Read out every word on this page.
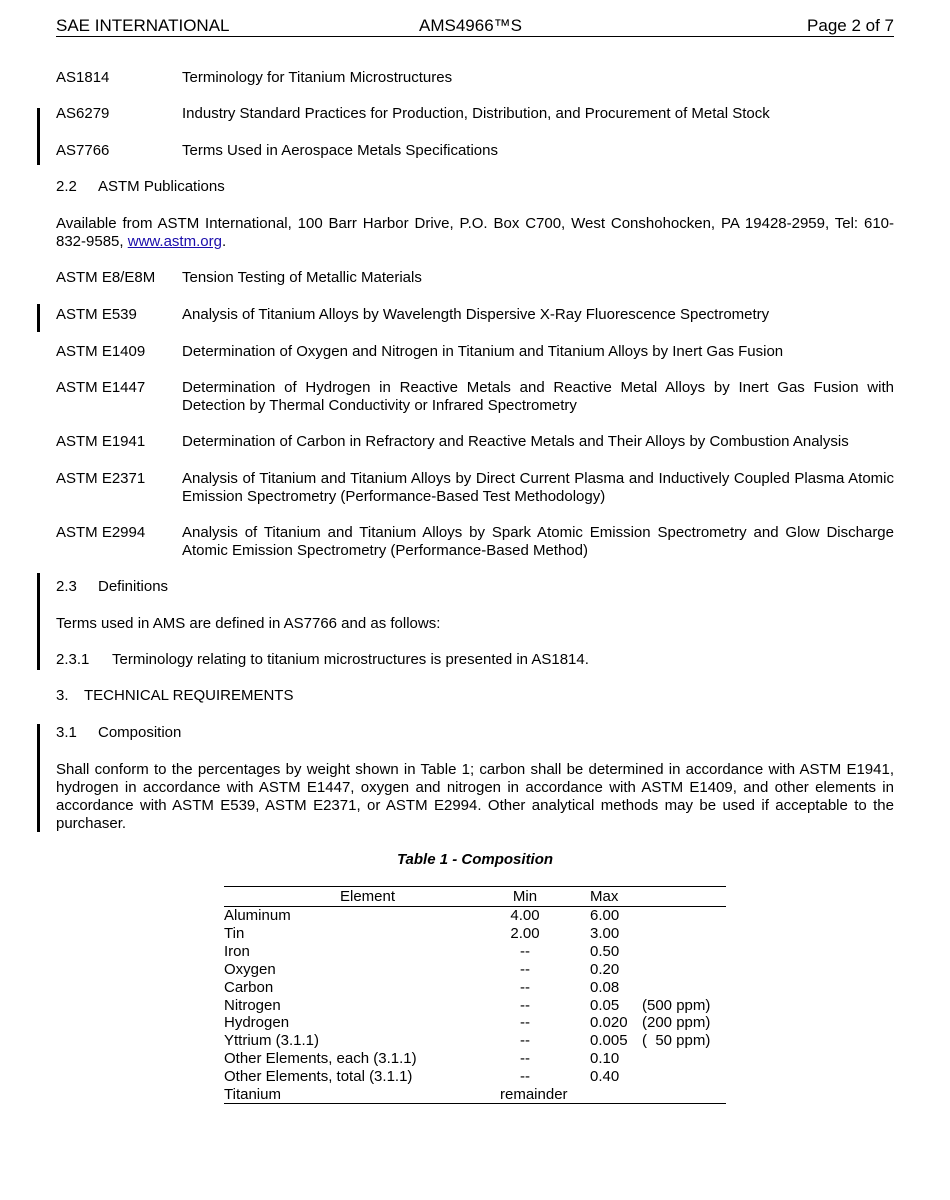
SAE INTERNATIONAL	AMS4966™S	Page 2 of 7
AS1814	Terminology for Titanium Microstructures
AS6279	Industry Standard Practices for Production, Distribution, and Procurement of Metal Stock
AS7766	Terms Used in Aerospace Metals Specifications
2.2 ASTM Publications
Available from ASTM International, 100 Barr Harbor Drive, P.O. Box C700, West Conshohocken, PA 19428-2959, Tel: 610-832-9585, www.astm.org.
ASTM E8/E8M Tension Testing of Metallic Materials
ASTM E539	Analysis of Titanium Alloys by Wavelength Dispersive X-Ray Fluorescence Spectrometry
ASTM E1409 Determination of Oxygen and Nitrogen in Titanium and Titanium Alloys by Inert Gas Fusion
ASTM E1447 Determination of Hydrogen in Reactive Metals and Reactive Metal Alloys by Inert Gas Fusion with Detection by Thermal Conductivity or Infrared Spectrometry
ASTM E1941 Determination of Carbon in Refractory and Reactive Metals and Their Alloys by Combustion Analysis
ASTM E2371 Analysis of Titanium and Titanium Alloys by Direct Current Plasma and Inductively Coupled Plasma Atomic Emission Spectrometry (Performance-Based Test Methodology)
ASTM E2994 Analysis of Titanium and Titanium Alloys by Spark Atomic Emission Spectrometry and Glow Discharge Atomic Emission Spectrometry (Performance-Based Method)
2.3 Definitions
Terms used in AMS are defined in AS7766 and as follows:
2.3.1 Terminology relating to titanium microstructures is presented in AS1814.
3. TECHNICAL REQUIREMENTS
3.1 Composition
Shall conform to the percentages by weight shown in Table 1; carbon shall be determined in accordance with ASTM E1941, hydrogen in accordance with ASTM E1447, oxygen and nitrogen in accordance with ASTM E1409, and other elements in accordance with ASTM E539, ASTM E2371, or ASTM E2994. Other analytical methods may be used if acceptable to the purchaser.
Table 1 - Composition
Element	Min	Max
Aluminum	4.00	6.00
Tin	2.00	3.00
Iron	--	0.50
Oxygen	--	0.20
Carbon	--	0.08
Nitrogen	--	0.05 (500 ppm)
Hydrogen	--	0.020 (200 ppm)
Yttrium (3.1.1)	--	0.005 (  50 ppm)
Other Elements, each (3.1.1)	--	0.10
Other Elements, total (3.1.1)	--	0.40
Titanium	remainder
